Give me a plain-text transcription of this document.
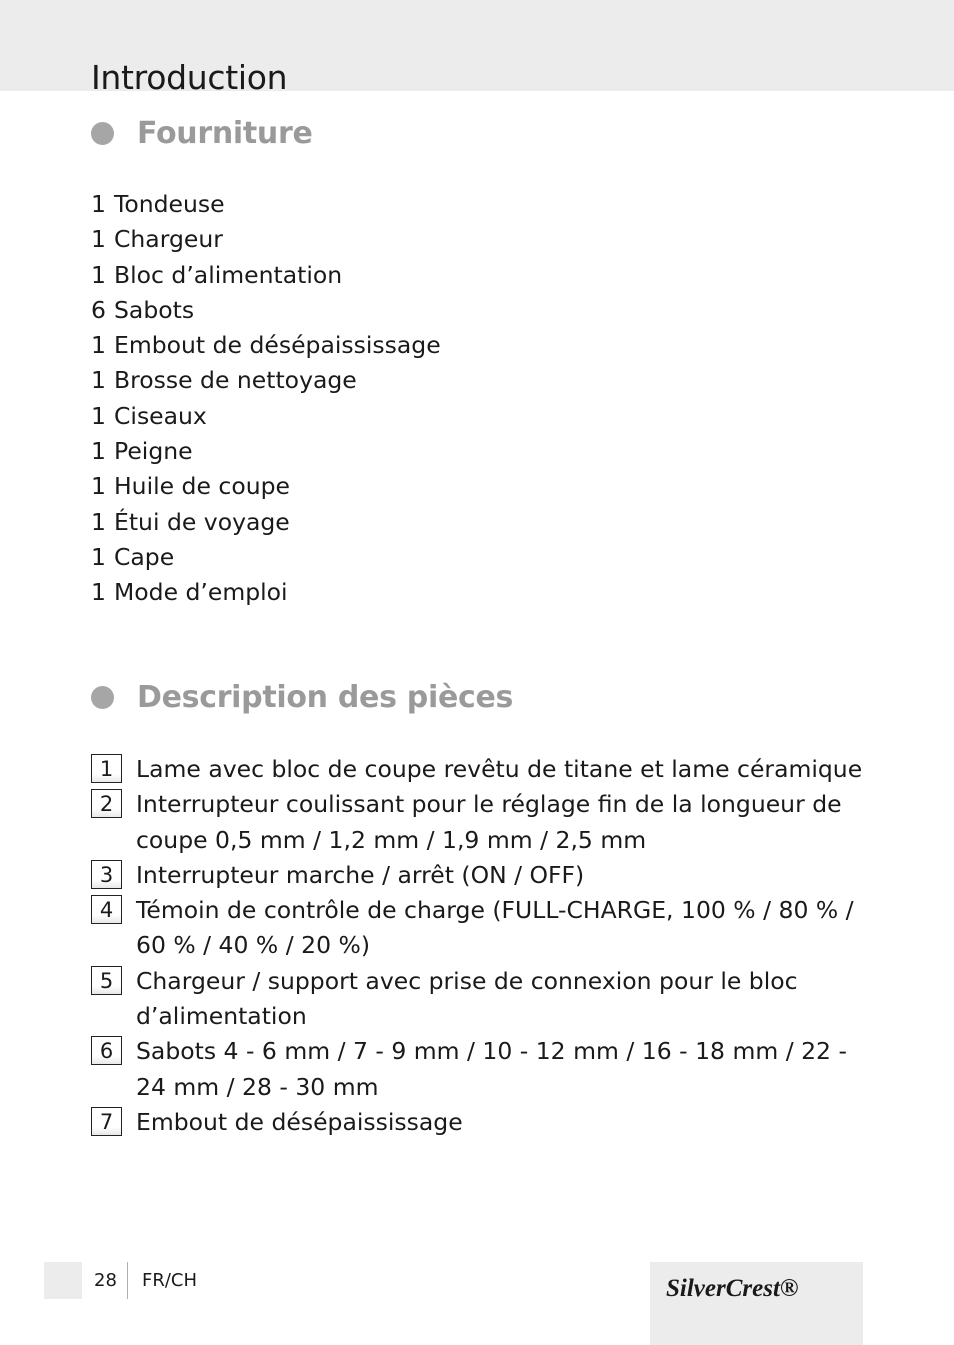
Introduction
Fourniture
1 Tondeuse
1 Chargeur
1 Bloc d’alimentation
6 Sabots
1 Embout de désépaississage
1 Brosse de nettoyage
1 Ciseaux
1 Peigne
1 Huile de coupe
1 Étui de voyage
1 Cape
1 Mode d’emploi
Description des pièces
1 Lame avec bloc de coupe revêtu de titane et lame céramique
2 Interrupteur coulissant pour le réglage fin de la longueur de coupe 0,5 mm / 1,2 mm / 1,9 mm / 2,5 mm
3 Interrupteur marche / arrêt (ON / OFF)
4 Témoin de contrôle de charge (FULL-CHARGE, 100 % / 80 % / 60 % / 40 % / 20 %)
5 Chargeur / support avec prise de connexion pour le bloc d’alimentation
6 Sabots 4 - 6 mm / 7 - 9 mm / 10 - 12 mm / 16 - 18 mm / 22 - 24 mm / 28 - 30 mm
7 Embout de désépaississage
28 FR/CH	SilverCrest®
